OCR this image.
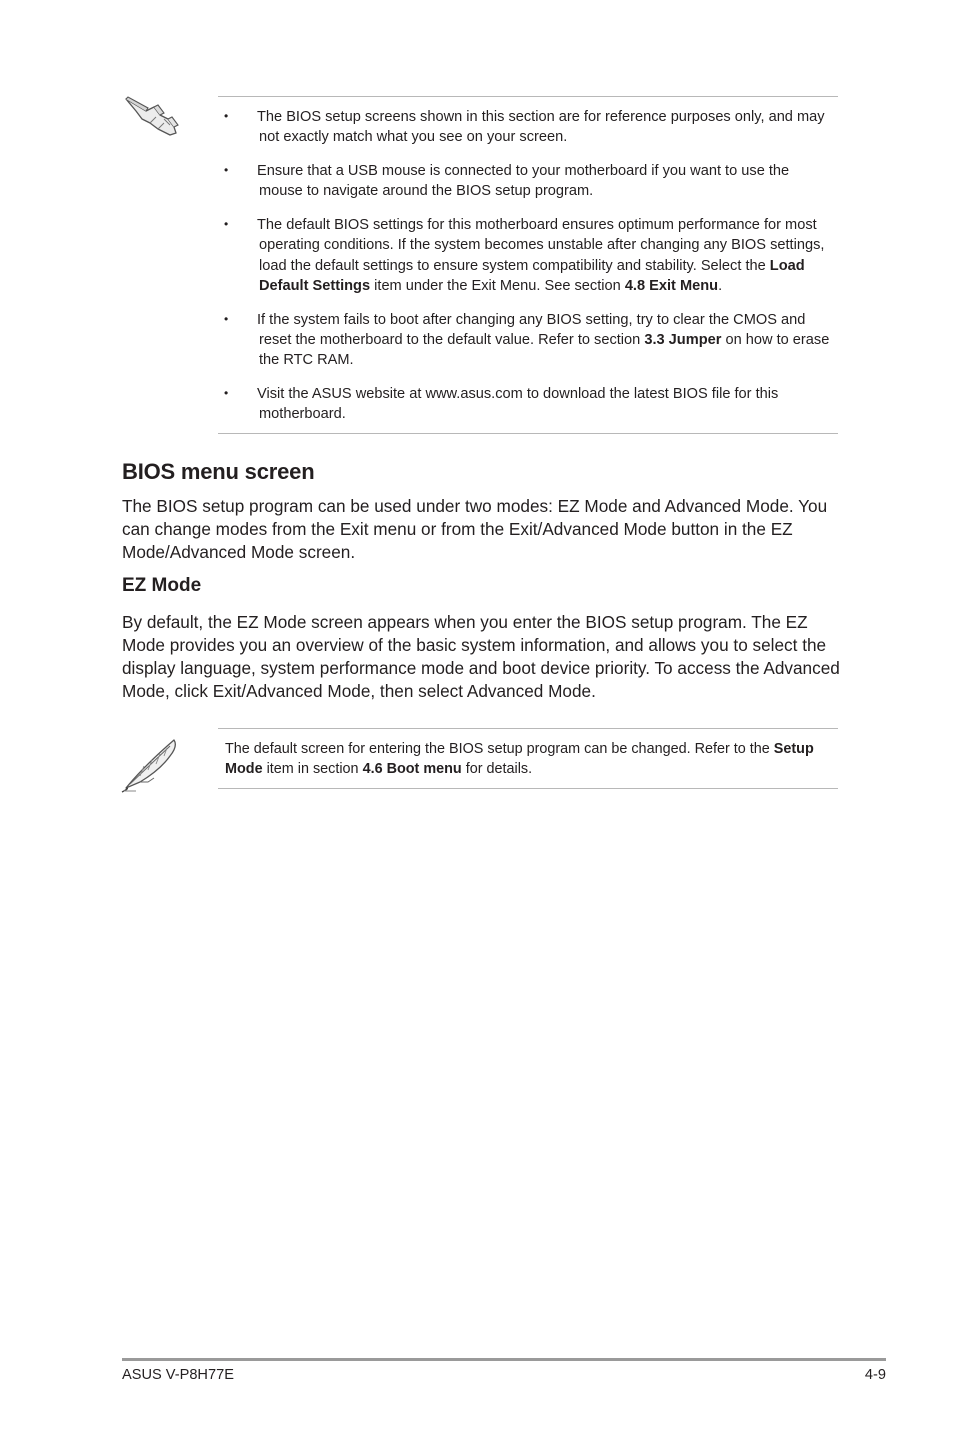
• The BIOS setup screens shown in this section are for reference purposes only, and may not exactly match what you see on your screen.
• Ensure that a USB mouse is connected to your motherboard if you want to use the mouse to navigate around the BIOS setup program.
• The default BIOS settings for this motherboard ensures optimum performance for most operating conditions. If the system becomes unstable after changing any BIOS settings, load the default settings to ensure system compatibility and stability. Select the Load Default Settings item under the Exit Menu. See section 4.8 Exit Menu.
• If the system fails to boot after changing any BIOS setting, try to clear the CMOS and reset the motherboard to the default value. Refer to section 3.3 Jumper on how to erase the RTC RAM.
• Visit the ASUS website at www.asus.com to download the latest BIOS file for this motherboard.
BIOS menu screen

The BIOS setup program can be used under two modes: EZ Mode and Advanced Mode. You can change modes from the Exit menu or from the Exit/Advanced Mode button in the EZ Mode/Advanced Mode screen.

EZ Mode

By default, the EZ Mode screen appears when you enter the BIOS setup program. The EZ Mode provides you an overview of the basic system information, and allows you to select the display language, system performance mode and boot device priority. To access the Advanced Mode, click Exit/Advanced Mode, then select Advanced Mode.

The default screen for entering the BIOS setup program can be changed. Refer to the Setup Mode item in section 4.6 Boot menu for details.
ASUS V-P8H77E	4-9
